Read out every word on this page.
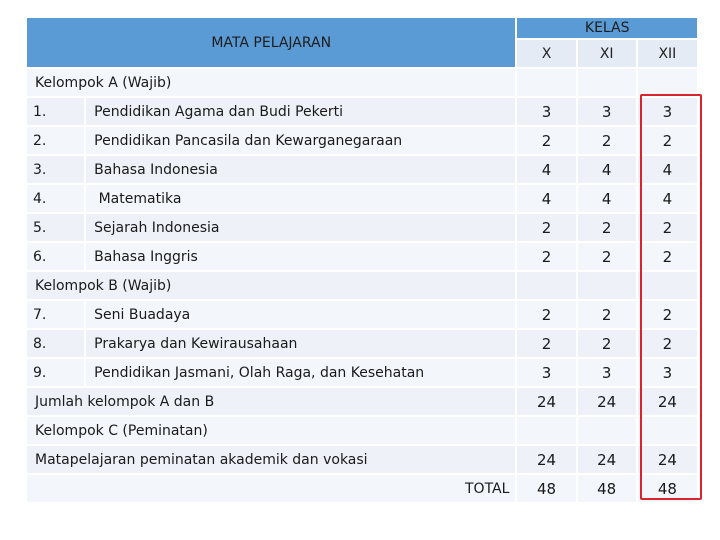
MATA PELAJARAN		KELAS		
		X	XI	XII
Kelompok A (Wajib)				
1.	Pendidikan Agama dan Budi Pekerti	3	3	3
2.	Pendidikan Pancasila dan Kewarganegaraan	2	2	2
3.	Bahasa Indonesia	4	4	4
4.	Matematika	4	4	4
5.	Sejarah Indonesia	2	2	2
6.	Bahasa Inggris	2	2	2
Kelompok B (Wajib)				
7.	Seni Buadaya	2	2	2
8.	Prakarya dan Kewirausahaan	2	2	2
9.	Pendidikan Jasmani, Olah Raga, dan Kesehatan	3	3	3
Jumlah kelompok A dan B		24	24	24
Kelompok C (Peminatan)				
Matapelajaran peminatan akademik dan vokasi		24	24	24
TOTAL		48	48	48
